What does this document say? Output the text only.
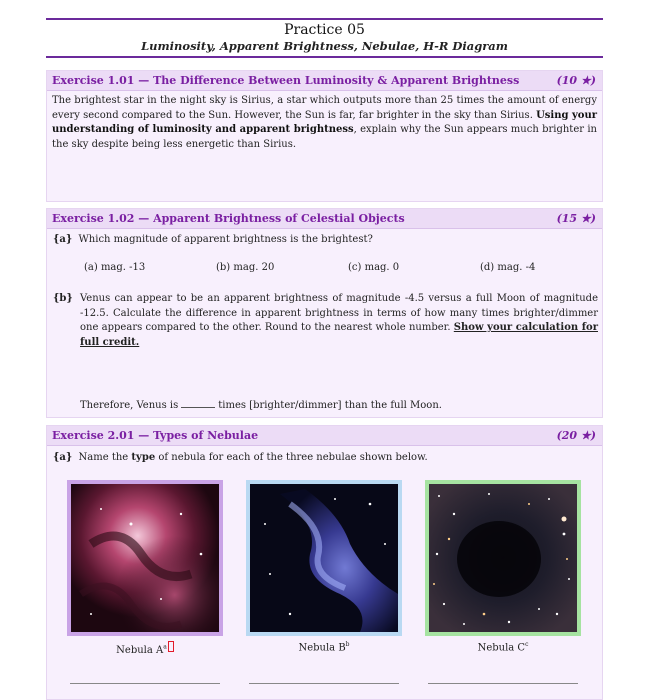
Practice 05
Luminosity, Apparent Brightness, Nebulae, H-R Diagram
Exercise 1.01 — The Difference Between Luminosity & Apparent Brightness	(10 ★)
The brightest star in the night sky is Sirius, a star which outputs more than 25 times the amount of energy every second compared to the Sun. However, the Sun is far, far brighter in the sky than Sirius. Using your understanding of luminosity and apparent brightness, explain why the Sun appears much brighter in the sky despite being less energetic than Sirius.
Exercise 1.02 — Apparent Brightness of Celestial Objects	(15 ★)
{a} Which magnitude of apparent brightness is the brightest?
(a) mag. -13	(b) mag. 20	(c) mag. 0	(d) mag. -4
{b} Venus can appear to be an apparent brightness of magnitude -4.5 versus a full Moon of magnitude -12.5. Calculate the difference in apparent brightness in terms of how many times brighter/dimmer one appears compared to the other. Round to the nearest whole number. Show your calculation for full credit.
Therefore, Venus is	times [brighter/dimmer] than the full Moon.
Exercise 2.01 — Types of Nebulae	(20 ★)
{a} Name the type of nebula for each of the three nebulae shown below.
Nebula $A^a$	Nebula $B^b$	Nebula $C^c$
